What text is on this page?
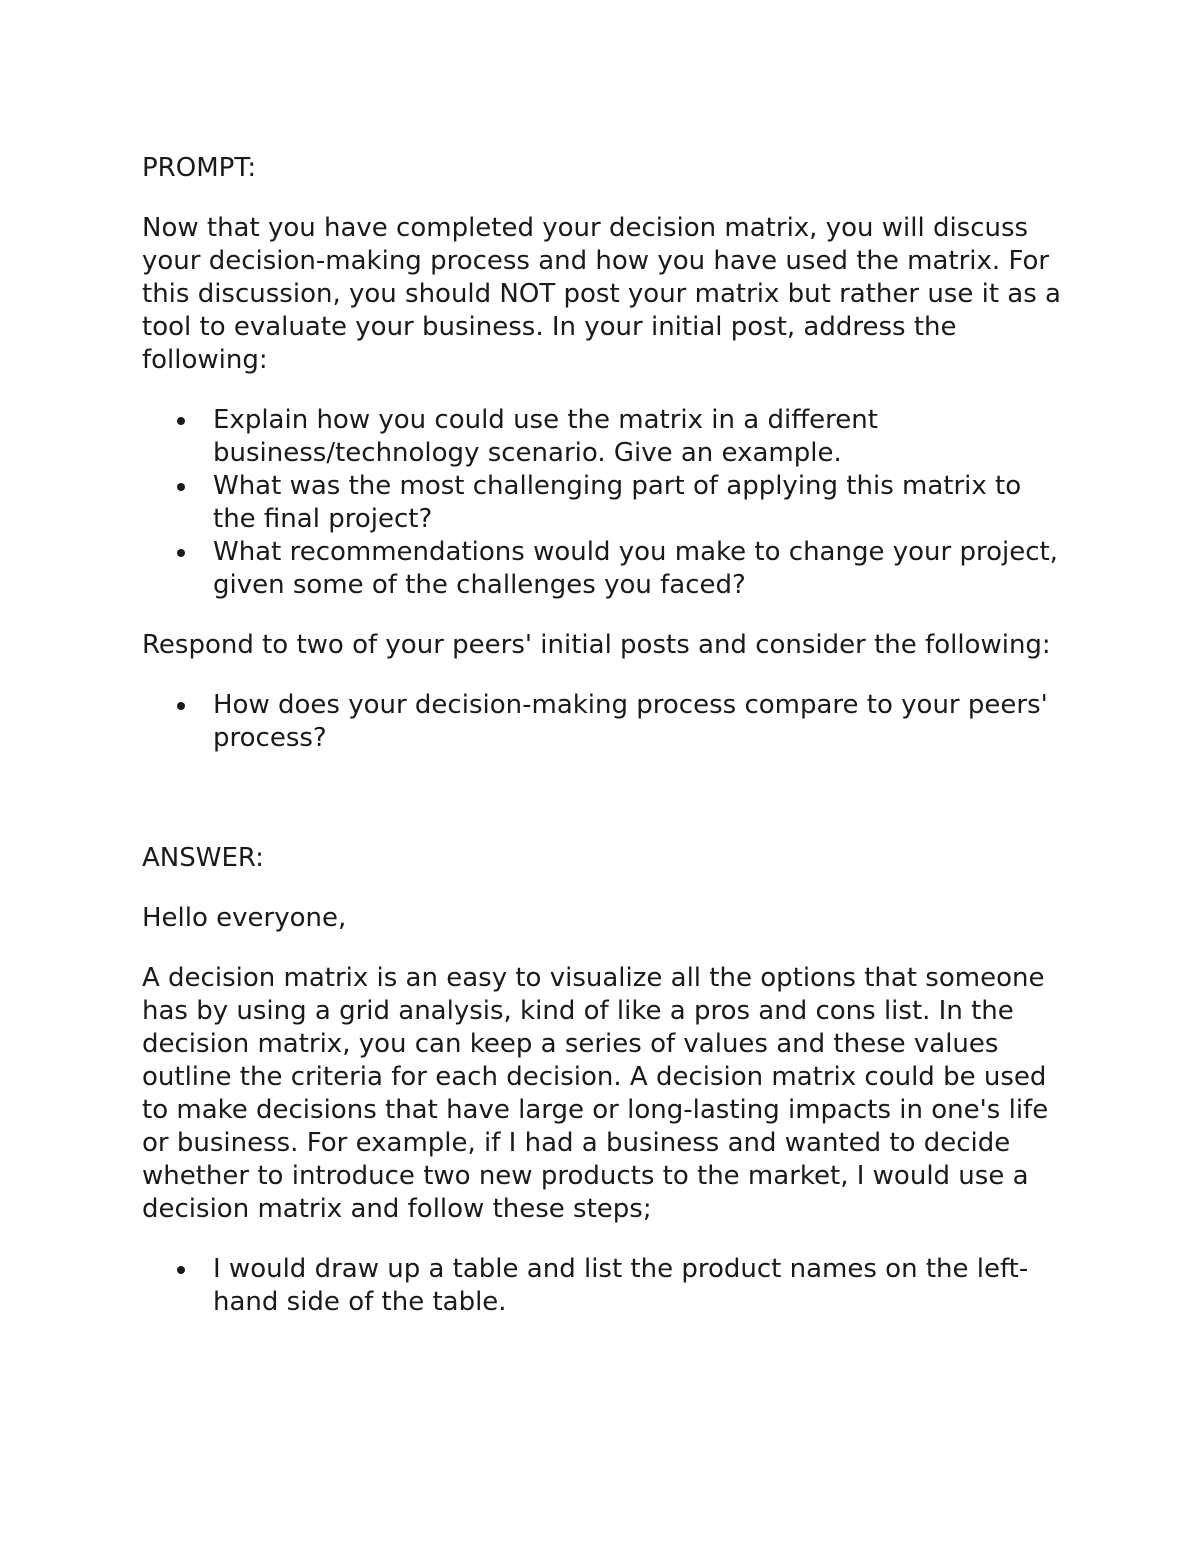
PROMPT:

Now that you have completed your decision matrix, you will discuss your decision-making process and how you have used the matrix. For this discussion, you should NOT post your matrix but rather use it as a tool to evaluate your business. In your initial post, address the following:

Explain how you could use the matrix in a different business/technology scenario. Give an example.
What was the most challenging part of applying this matrix to the final project?
What recommendations would you make to change your project, given some of the challenges you faced?

Respond to two of your peers' initial posts and consider the following:

How does your decision-making process compare to your peers' process?

ANSWER:

Hello everyone,

A decision matrix is an easy to visualize all the options that someone has by using a grid analysis, kind of like a pros and cons list. In the decision matrix, you can keep a series of values and these values outline the criteria for each decision. A decision matrix could be used to make decisions that have large or long-lasting impacts in one's life or business. For example, if I had a business and wanted to decide whether to introduce two new products to the market, I would use a decision matrix and follow these steps;

I would draw up a table and list the product names on the left-hand side of the table.
